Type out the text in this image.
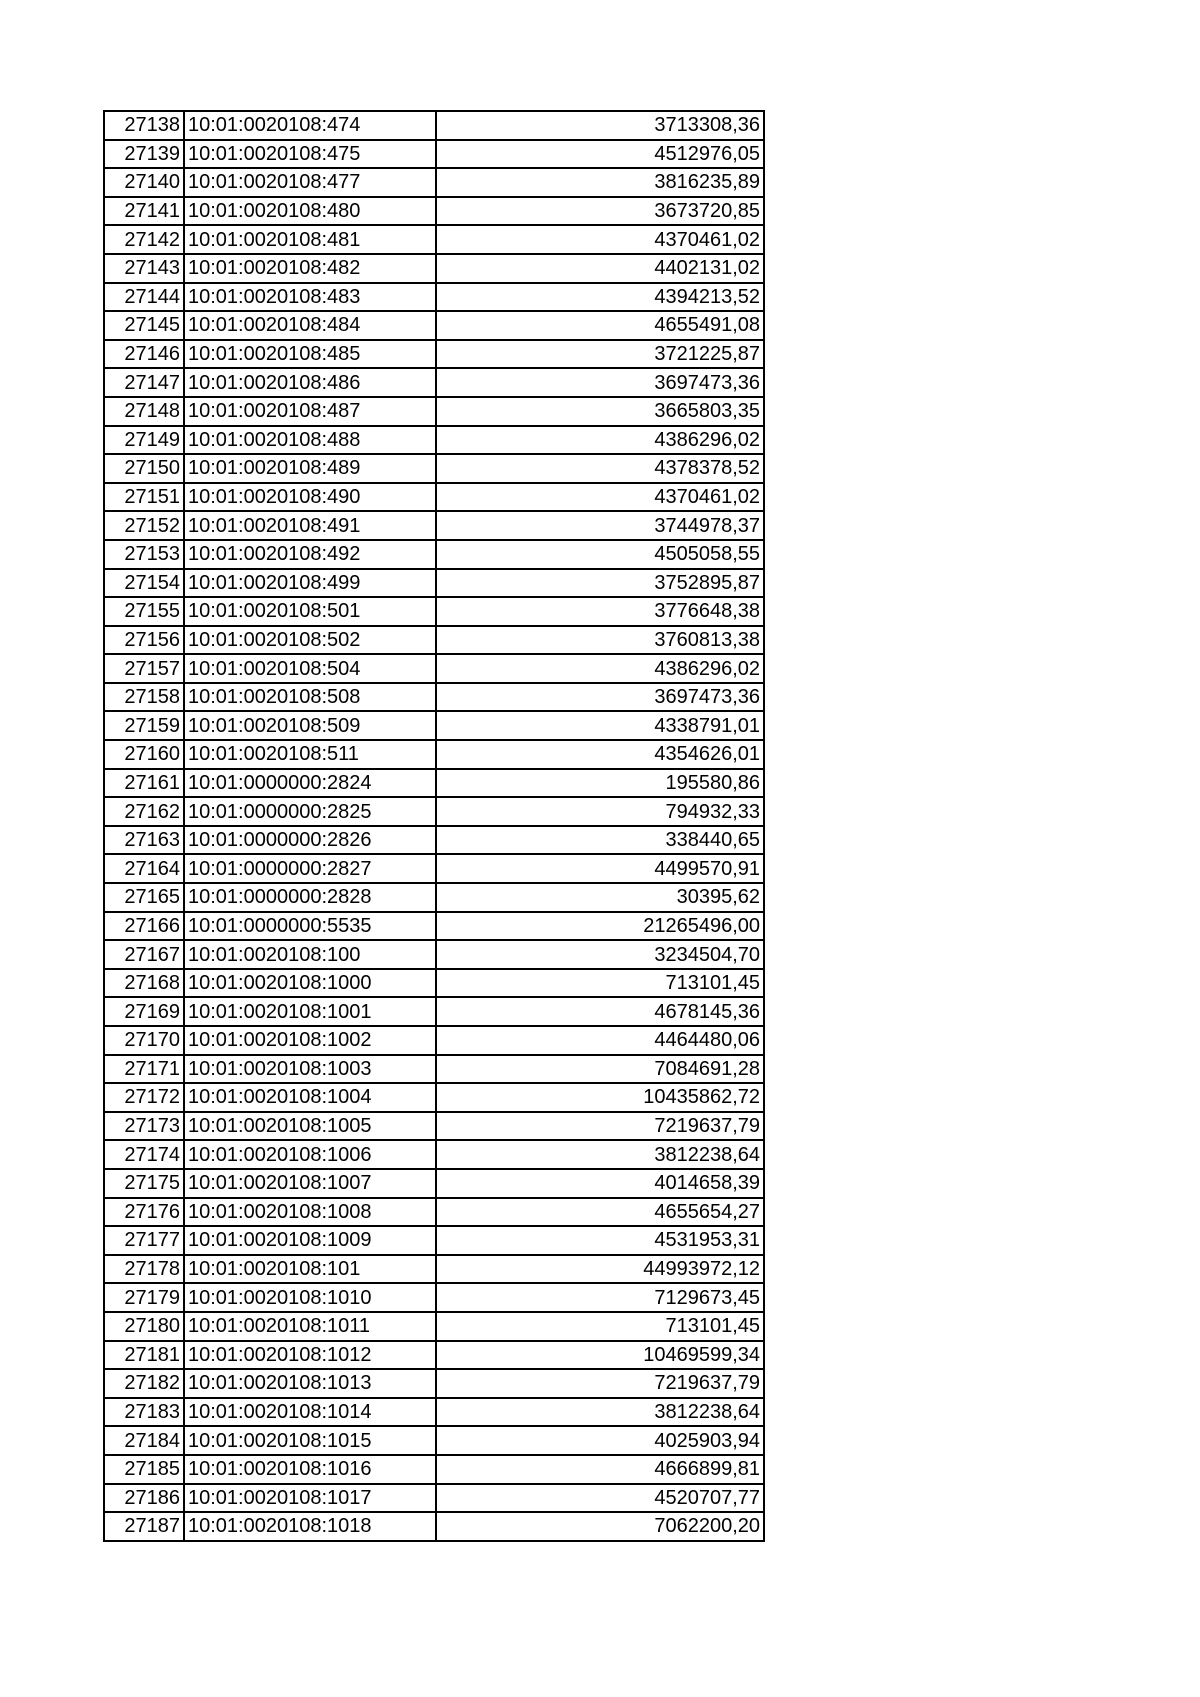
27138	10:01:0020108:474	3713308,36
27139	10:01:0020108:475	4512976,05
27140	10:01:0020108:477	3816235,89
27141	10:01:0020108:480	3673720,85
27142	10:01:0020108:481	4370461,02
27143	10:01:0020108:482	4402131,02
27144	10:01:0020108:483	4394213,52
27145	10:01:0020108:484	4655491,08
27146	10:01:0020108:485	3721225,87
27147	10:01:0020108:486	3697473,36
27148	10:01:0020108:487	3665803,35
27149	10:01:0020108:488	4386296,02
27150	10:01:0020108:489	4378378,52
27151	10:01:0020108:490	4370461,02
27152	10:01:0020108:491	3744978,37
27153	10:01:0020108:492	4505058,55
27154	10:01:0020108:499	3752895,87
27155	10:01:0020108:501	3776648,38
27156	10:01:0020108:502	3760813,38
27157	10:01:0020108:504	4386296,02
27158	10:01:0020108:508	3697473,36
27159	10:01:0020108:509	4338791,01
27160	10:01:0020108:511	4354626,01
27161	10:01:0000000:2824	195580,86
27162	10:01:0000000:2825	794932,33
27163	10:01:0000000:2826	338440,65
27164	10:01:0000000:2827	4499570,91
27165	10:01:0000000:2828	30395,62
27166	10:01:0000000:5535	21265496,00
27167	10:01:0020108:100	3234504,70
27168	10:01:0020108:1000	713101,45
27169	10:01:0020108:1001	4678145,36
27170	10:01:0020108:1002	4464480,06
27171	10:01:0020108:1003	7084691,28
27172	10:01:0020108:1004	10435862,72
27173	10:01:0020108:1005	7219637,79
27174	10:01:0020108:1006	3812238,64
27175	10:01:0020108:1007	4014658,39
27176	10:01:0020108:1008	4655654,27
27177	10:01:0020108:1009	4531953,31
27178	10:01:0020108:101	44993972,12
27179	10:01:0020108:1010	7129673,45
27180	10:01:0020108:1011	713101,45
27181	10:01:0020108:1012	10469599,34
27182	10:01:0020108:1013	7219637,79
27183	10:01:0020108:1014	3812238,64
27184	10:01:0020108:1015	4025903,94
27185	10:01:0020108:1016	4666899,81
27186	10:01:0020108:1017	4520707,77
27187	10:01:0020108:1018	7062200,20
